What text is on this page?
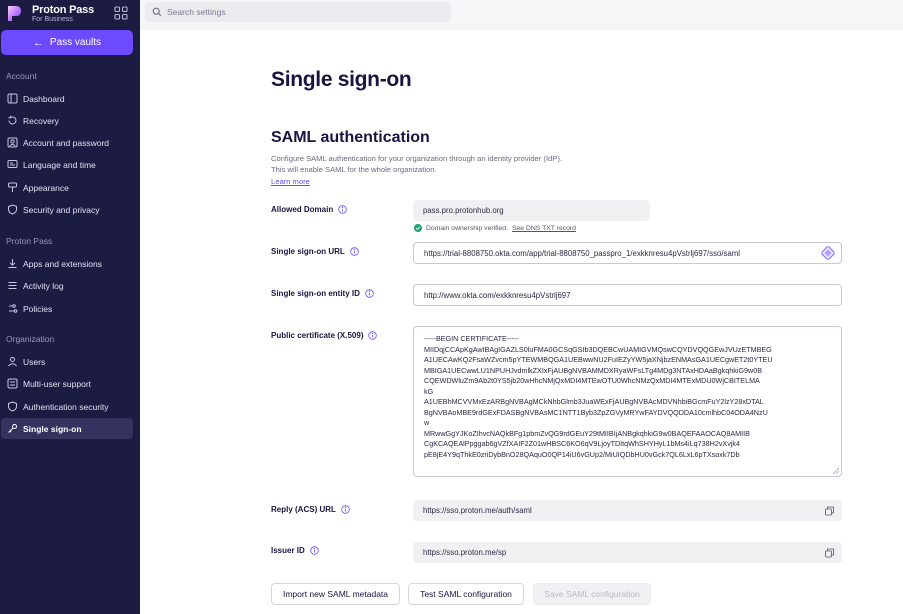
Proton Pass
For Business
← Pass vaults
Account
Dashboard
Recovery
Account and password
Language and time
Appearance
Security and privacy
Proton Pass
Apps and extensions
Activity log
Policies
Organization
Users
Multi-user support
Authentication security
Single sign-on
Search settings
Single sign-on
SAML authentication
Configure SAML authentication for your organization through an identity provider (IdP).
This will enable SAML for the whole organization.
Learn more
Allowed Domain	pass.pro.protonhub.org
Domain ownership verified. See DNS TXT record
Single sign-on URL	https://trial-8808750.okta.com/app/trial-8808750_passpro_1/exkknresu4pVstrlj697/sso/saml
Single sign-on entity ID	http://www.okta.com/exkknresu4pVstrlj697
Public certificate (X.509)	-----BEGIN CERTIFICATE-----
MIIDqjCCApKgAwIBAgIGAZLS0luFMA0GCSqGSIb3DQEBCwUAMIGVMQswCQYDVQQGEwJVUzETMBEG
A1UECAwKQ2FsaWZvcm5pYTEWMBQGA1UEBwwNU2FuIEZyYW5jaXNjbzENMAsGA1UECgwET2t0YTEU
MBIGA1UECwwLU1NPUHJvdmlkZXIxFjAUBgNVBAMMDXRyaWFsLTg4MDg3NTAxHDAaBgkqhkiG9w0B
CQEWDWluZm9Ab2t0YS5jb20wHhcNMjQxMDI4MTEwOTU0WhcNMzQxMDI4MTExMDU0WjCBITELMA
kG
A1UEBhMCVVMxEzARBgNVBAgMCkNhbGlmb3JuaWExFjAUBgNVBAcMDVNhbiBGcmFuY2lzY28xDTAL
BgNVBAoMBE9rdGExFDASBgNVBAsMC1NTT1Byb3ZpZGVyMRYwFAYDVQQDDA10cmlhbC04ODA4NzU
w
MRwwGgYJKoZIhvcNAQkBFg1pbmZvQG9rdGEuY29tMIIBIjANBgkqhkiG9w0BAQEFAAOCAQ8AMIIB
CgKCAQEAlPpggab6gVZfXAIF2Z01wHBSC6KO6qV9LjoyTDItqWhSHYHyL1bMs4iLq738H2vXvjk4
pE8jE4Y9qThkE0zriDybBnO28QAquO0QP14iU6vGUp2/MiUIQDbHU0vGck7QL6LxL6pTXsoxk7Db
Reply (ACS) URL	https://sso.proton.me/auth/saml
Issuer ID	https://sso.proton.me/sp
Import new SAML metadata	Test SAML configuration	Save SAML configuration
